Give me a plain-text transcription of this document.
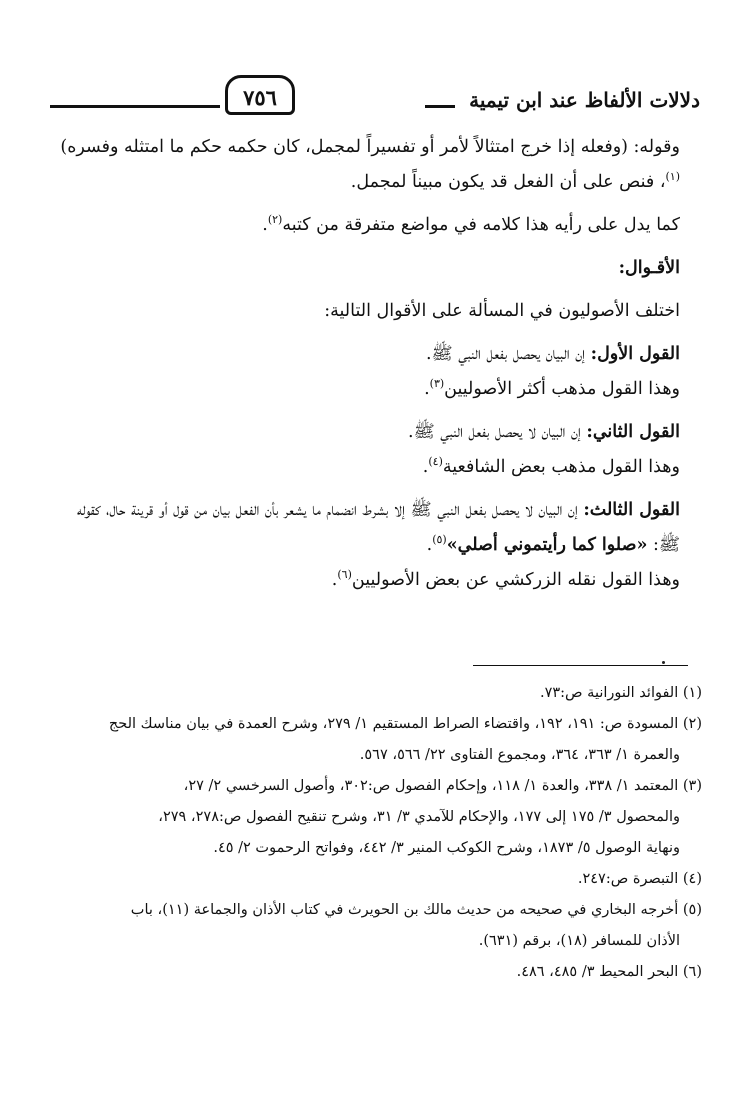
دلالات الألفاظ عند ابن تيمية
٧٥٦

وقوله: (وفعله إذا خرج امتثالاً لأمر أو تفسيراً لمجمل، كان حكمه حكم ما امتثله وفسره)$^{(١)}$، فنص على أن الفعل قد يكون مبيناً لمجمل.

كما يدل على رأيه هذا كلامه في مواضع متفرقة من كتبه$^{(٢)}$.

الأقـوال:

اختلف الأصوليون في المسألة على الأقوال التالية:

القول الأول: إن البيان يحصل بفعل النبي ﷺ.

وهذا القول مذهب أكثر الأصوليين$^{(٣)}$.

القول الثاني: إن البيان لا يحصل بفعل النبي ﷺ.

وهذا القول مذهب بعض الشافعية$^{(٤)}$.

القول الثالث: إن البيان لا يحصل بفعل النبي ﷺ إلا بشرط انضمام ما يشعر بأن الفعل بيان من قول أو قرينة حال، كقوله ﷺ: «صلوا كما رأيتموني أصلي»$^{(٥)}$.

وهذا القول نقله الزركشي عن بعض الأصوليين$^{(٦)}$.

(١) الفوائد النورانية ص:٧٣.

(٢) المسودة ص: ١٩١، ١٩٢، واقتضاء الصراط المستقيم ١/ ٢٧٩، وشرح العمدة في بيان مناسك الحج
والعمرة ١/ ٣٦٣، ٣٦٤، ومجموع الفتاوى ٢٢/ ٥٦٦، ٥٦٧.

(٣) المعتمد ١/ ٣٣٨، والعدة ١/ ١١٨، وإحكام الفصول ص:٣٠٢، وأصول السرخسي ٢/ ٢٧،
والمحصول ٣/ ١٧٥ إلى ١٧٧، والإحكام للآمدي ٣/ ٣١، وشرح تنقيح الفصول ص:٢٧٨، ٢٧٩،
ونهاية الوصول ٥/ ١٨٧٣، وشرح الكوكب المنير ٣/ ٤٤٢، وفواتح الرحموت ٢/ ٤٥.

(٤) التبصرة ص:٢٤٧.

(٥) أخرجه البخاري في صحيحه من حديث مالك بن الحويرث في كتاب الأذان والجماعة (١١)، باب
الأذان للمسافر (١٨)، برقم (٦٣١).

(٦) البحر المحيط ٣/ ٤٨٥، ٤٨٦.
